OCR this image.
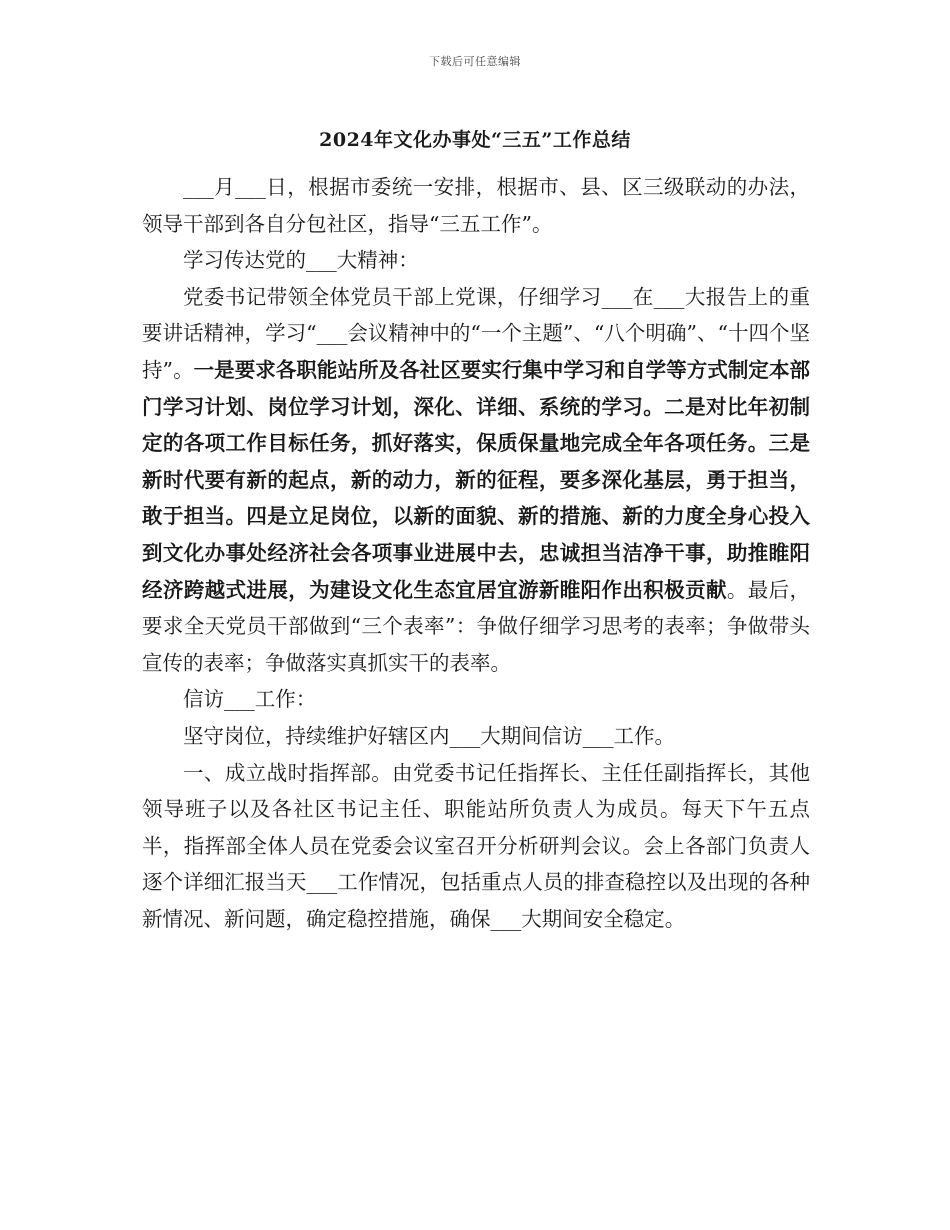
下载后可任意编辑
2024年文化办事处“三五”工作总结

___月___日，根据市委统一安排，根据市、县、区三级联动的办法，领导干部到各自分包社区，指导“三五工作”。

学习传达党的___大精神：

党委书记带领全体党员干部上党课，仔细学习___在___大报告上的重要讲话精神，学习“___会议精神中的“一个主题”、“八个明确”、“十四个坚持”。一是要求各职能站所及各社区要实行集中学习和自学等方式制定本部门学习计划、岗位学习计划，深化、详细、系统的学习。二是对比年初制定的各项工作目标任务，抓好落实，保质保量地完成全年各项任务。三是新时代要有新的起点，新的动力，新的征程，要多深化基层，勇于担当，敢于担当。四是立足岗位，以新的面貌、新的措施、新的力度全身心投入到文化办事处经济社会各项事业进展中去，忠诚担当洁净干事，助推睢阳经济跨越式进展，为建设文化生态宜居宜游新睢阳作出积极贡献。最后，要求全天党员干部做到“三个表率”：争做仔细学习思考的表率；争做带头宣传的表率；争做落实真抓实干的表率。

信访___工作：

坚守岗位，持续维护好辖区内___大期间信访___工作。

一、成立战时指挥部。由党委书记任指挥长、主任任副指挥长，其他领导班子以及各社区书记主任、职能站所负责人为成员。每天下午五点半，指挥部全体人员在党委会议室召开分析研判会议。会上各部门负责人逐个详细汇报当天___工作情况，包括重点人员的排查稳控以及出现的各种新情况、新问题，确定稳控措施，确保___大期间安全稳定。
